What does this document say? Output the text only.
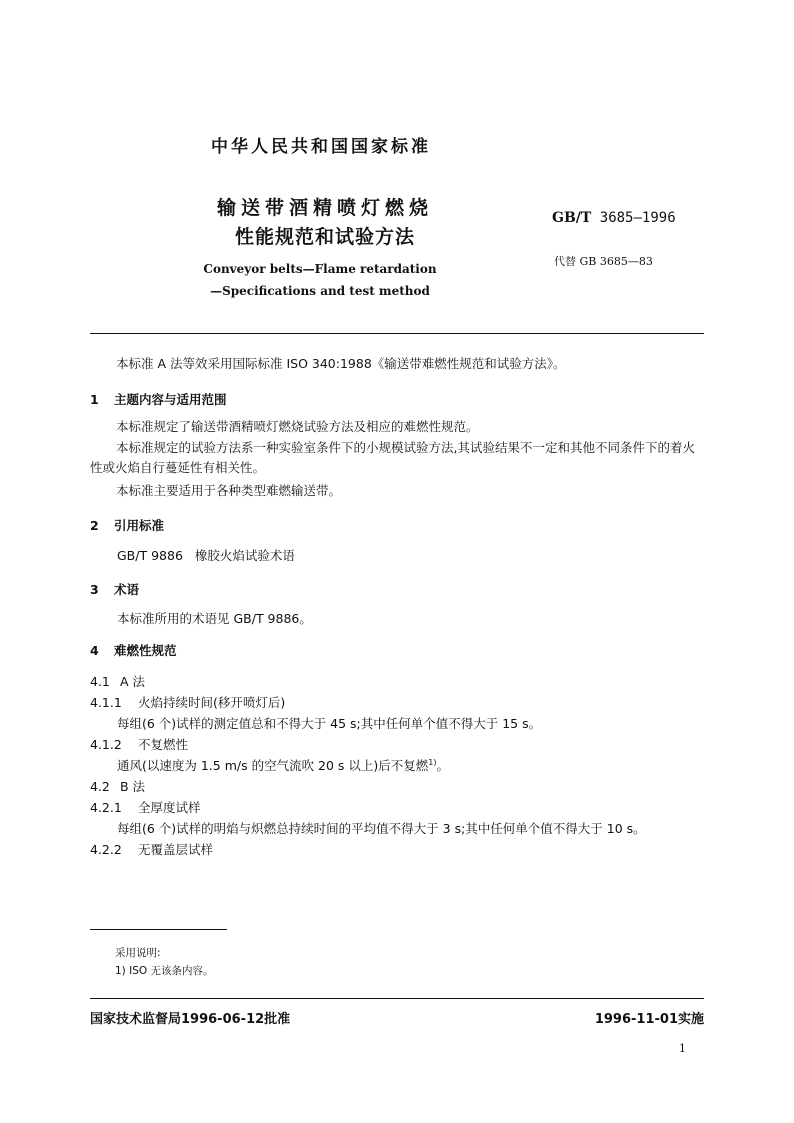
中华人民共和国国家标准
输送带酒精喷灯燃烧
性能规范和试验方法
GB/T 3685—1996
代替 GB 3685—83
Conveyor belts—Flame retardation
—Specifications and test method
本标准 A 法等效采用国际标准 ISO 340:1988《输送带难燃性规范和试验方法》。
1 主题内容与适用范围
本标准规定了输送带酒精喷灯燃烧试验方法及相应的难燃性规范。
本标准规定的试验方法系一种实验室条件下的小规模试验方法,其试验结果不一定和其他不同条件下的着火性或火焰自行蔓延性有相关性。
本标准主要适用于各种类型难燃输送带。
2 引用标准
GB/T 9886 橡胶火焰试验术语
3 术语
本标准所用的术语见 GB/T 9886。
4 难燃性规范
4.1 A 法
4.1.1 火焰持续时间(移开喷灯后)
每组(6 个)试样的测定值总和不得大于 45 s;其中任何单个值不得大于 15 s。
4.1.2 不复燃性
通风(以速度为 1.5 m/s 的空气流吹 20 s 以上)后不复燃$^{1)}$。
4.2 B 法
4.2.1 全厚度试样
每组(6 个)试样的明焰与炽燃总持续时间的平均值不得大于 3 s;其中任何单个值不得大于 10 s。
4.2.2 无覆盖层试样
采用说明:
1) ISO 无该条内容。
国家技术监督局1996-06-12批准	1996-11-01实施
1
